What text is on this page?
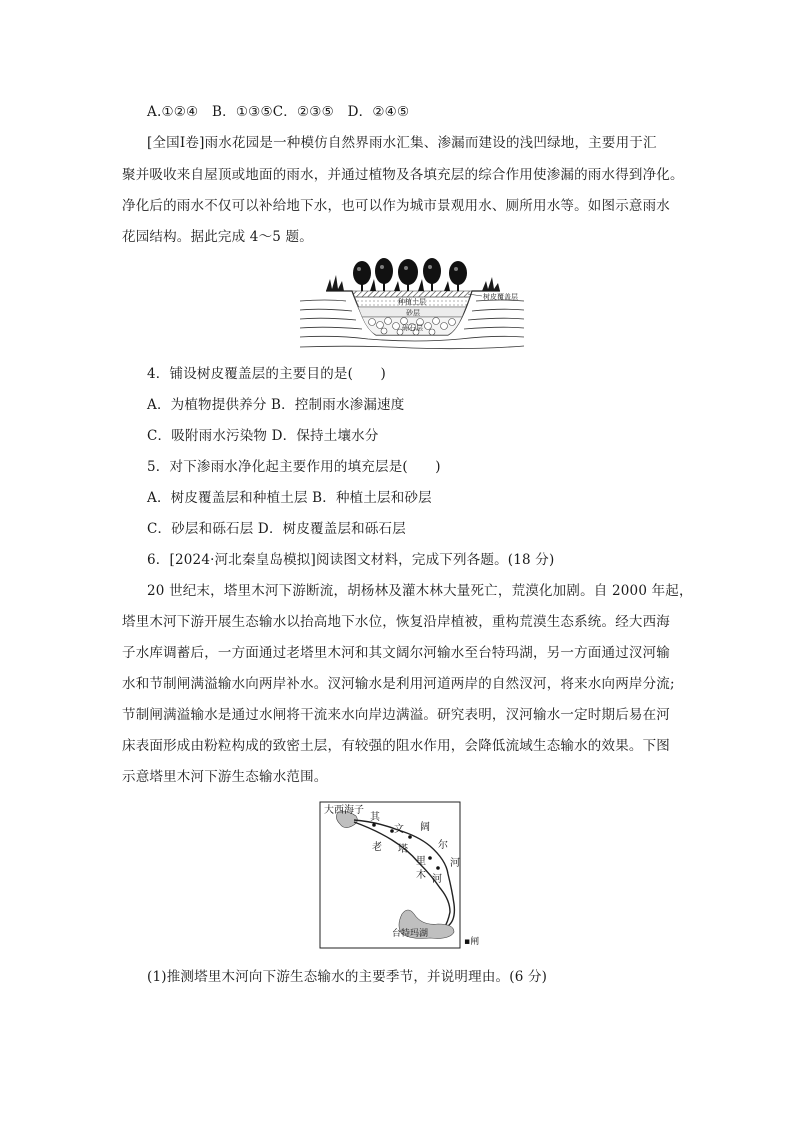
A.①②④　B．①③⑤C．②③⑤　D．②④⑤
[全国Ⅰ卷]雨水花园是一种模仿自然界雨水汇集、渗漏而建设的浅凹绿地，主要用于汇
聚并吸收来自屋顶或地面的雨水，并通过植物及各填充层的综合作用使渗漏的雨水得到净化。
净化后的雨水不仅可以补给地下水，也可以作为城市景观用水、厕所用水等。如图示意雨水
花园结构。据此完成 4～5 题。
树皮覆盖层
种植土层
砂层
砾石层
4．铺设树皮覆盖层的主要目的是(　　)
A．为植物提供养分 B．控制雨水渗漏速度
C．吸附雨水污染物 D．保持土壤水分
5．对下渗雨水净化起主要作用的填充层是(　　)
A．树皮覆盖层和种植土层 B．种植土层和砂层
C．砂层和砾石层 D．树皮覆盖层和砾石层
6．[2024·河北秦皇岛模拟]阅读图文材料，完成下列各题。(18 分)
20 世纪末，塔里木河下游断流，胡杨林及灌木林大量死亡，荒漠化加剧。自 2000 年起，
塔里木河下游开展生态输水以抬高地下水位，恢复沿岸植被，重构荒漠生态系统。经大西海
子水库调蓄后，一方面通过老塔里木河和其文阔尔河输水至台特玛湖，另一方面通过汊河输
水和节制闸满溢输水向两岸补水。汊河输水是利用河道两岸的自然汊河，将来水向两岸分流;
节制闸满溢输水是通过水闸将干流来水向岸边满溢。研究表明，汊河输水一定时期后易在河
床表面形成由粉粒构成的致密土层，有较强的阻水作用，会降低流域生态输水的效果。下图
示意塔里木河下游生态输水范围。
大西海子
其
文 阔
尔
河
老 塔
里
木 河
台特玛湖
▪闸
(1)推测塔里木河向下游生态输水的主要季节，并说明理由。(6 分)
